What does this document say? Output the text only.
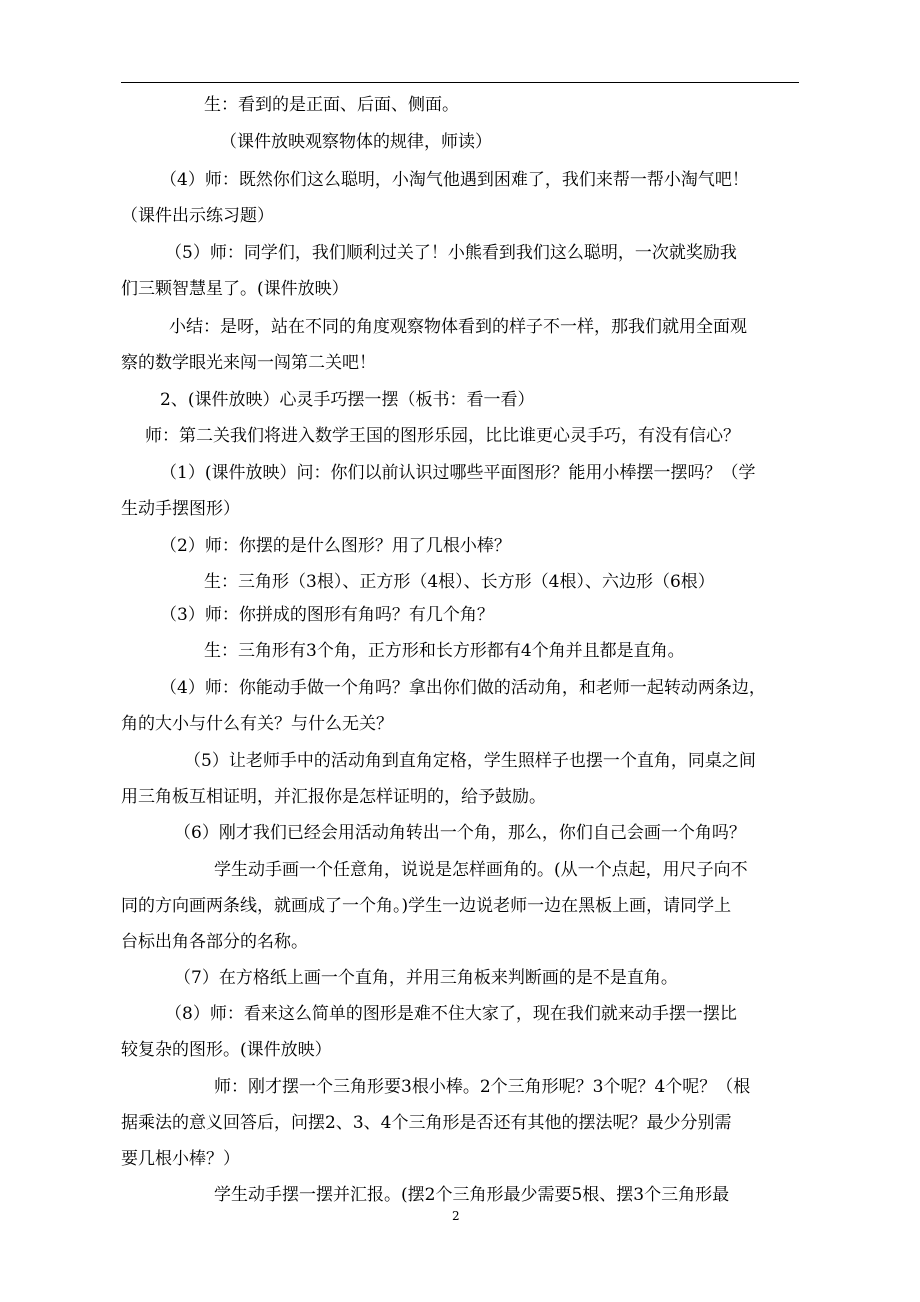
生：看到的是正面、后面、侧面。
（课件放映观察物体的规律，师读）
（4）师：既然你们这么聪明，小淘气他遇到困难了，我们来帮一帮小淘气吧！
（课件出示练习题）
（5）师：同学们，我们顺利过关了！小熊看到我们这么聪明，一次就奖励我
们三颗智慧星了。(课件放映）
小结：是呀，站在不同的角度观察物体看到的样子不一样，那我们就用全面观
察的数学眼光来闯一闯第二关吧！
2、(课件放映）心灵手巧摆一摆（板书：看一看）
师：第二关我们将进入数学王国的图形乐园，比比谁更心灵手巧，有没有信心？
（1）(课件放映）问：你们以前认识过哪些平面图形？能用小棒摆一摆吗？（学
生动手摆图形）
（2）师：你摆的是什么图形？用了几根小棒？
生：三角形（3根）、正方形（4根）、长方形（4根）、六边形（6根）
（3）师：你拼成的图形有角吗？有几个角？
生：三角形有3个角，正方形和长方形都有4个角并且都是直角。
（4）师：你能动手做一个角吗？拿出你们做的活动角，和老师一起转动两条边，
角的大小与什么有关？与什么无关？
（5）让老师手中的活动角到直角定格，学生照样子也摆一个直角，同桌之间
用三角板互相证明，并汇报你是怎样证明的，给予鼓励。
（6）刚才我们已经会用活动角转出一个角，那么，你们自己会画一个角吗？
学生动手画一个任意角，说说是怎样画角的。(从一个点起，用尺子向不
同的方向画两条线，就画成了一个角。)学生一边说老师一边在黑板上画，请同学上
台标出角各部分的名称。
（7）在方格纸上画一个直角，并用三角板来判断画的是不是直角。
（8）师：看来这么简单的图形是难不住大家了，现在我们就来动手摆一摆比
较复杂的图形。(课件放映）
师：刚才摆一个三角形要3根小棒。2个三角形呢？3个呢？4个呢？（根
据乘法的意义回答后，问摆2、3、4个三角形是否还有其他的摆法呢？最少分别需
要几根小棒？）
学生动手摆一摆并汇报。(摆2个三角形最少需要5根、摆3个三角形最
2
